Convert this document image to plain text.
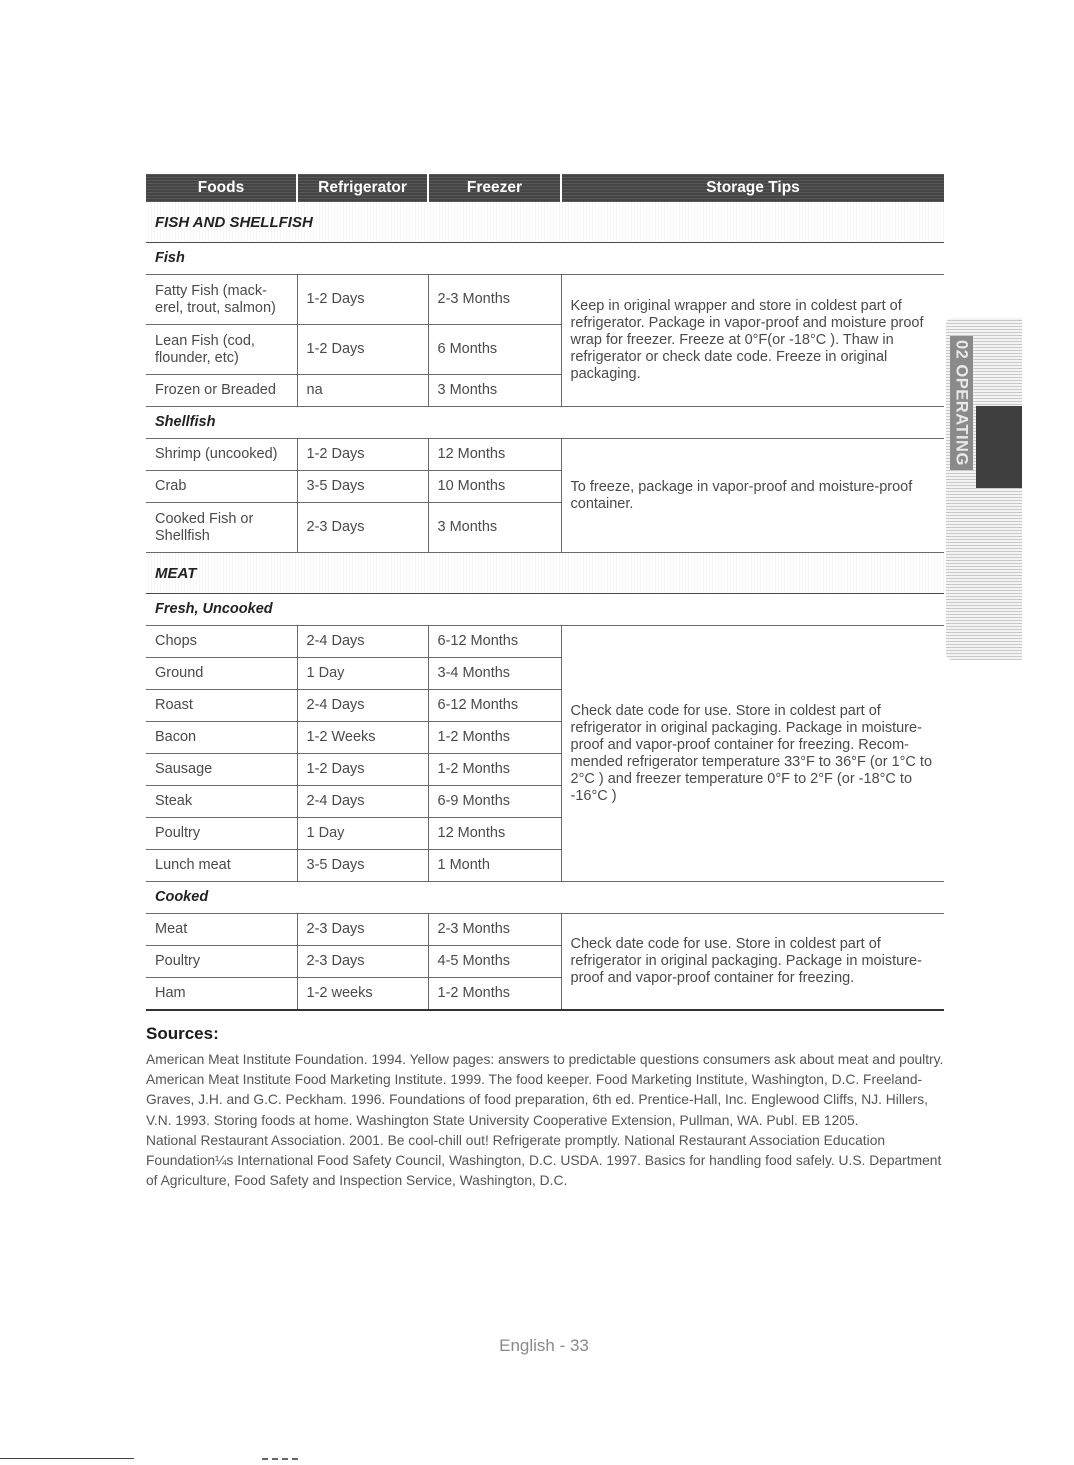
Foods	Refrigerator	Freezer	Storage Tips
FISH AND SHELLFISH			
Fish			
Fatty Fish (mack-
erel, trout, salmon)	1-2 Days	2-3 Months	Keep in original wrapper and store in coldest part of refrigerator. Package in vapor-proof and moisture proof wrap for freezer. Freeze at 0°F(or -18°C ). Thaw in refrigerator or check date code. Freeze in original packaging.
Lean Fish (cod,
flounder, etc)	1-2 Days	6 Months	
Frozen or Breaded	na	3 Months	
Shellfish			
Shrimp (uncooked)	1-2 Days	12 Months	To freeze, package in vapor-proof and moisture-proof container.
Crab	3-5 Days	10 Months	
Cooked Fish or
Shellfish	2-3 Days	3 Months	
MEAT			
Fresh, Uncooked			
Chops	2-4 Days	6-12 Months	Check date code for use. Store in coldest part of refrigerator in original packaging. Package in moisture-proof and vapor-proof container for freezing. Recom-mended refrigerator temperature 33°F to 36°F (or 1°C to 2°C ) and freezer temperature 0°F to 2°F (or -18°C to -16°C )
Ground	1 Day	3-4 Months	
Roast	2-4 Days	6-12 Months	
Bacon	1-2 Weeks	1-2 Months	
Sausage	1-2 Days	1-2 Months	
Steak	2-4 Days	6-9 Months	
Poultry	1 Day	12 Months	
Lunch meat	3-5 Days	1 Month	
Cooked			
Meat	2-3 Days	2-3 Months	Check date code for use. Store in coldest part of refrigerator in original packaging. Package in moisture-proof and vapor-proof container for freezing.
Poultry	2-3 Days	4-5 Months	
Ham	1-2 weeks	1-2 Months	
Sources:

American Meat Institute Foundation. 1994. Yellow pages: answers to predictable questions consumers ask about meat and poultry. American Meat Institute Food Marketing Institute. 1999. The food keeper. Food Marketing Institute, Washington, D.C. Freeland-Graves, J.H. and G.C. Peckham. 1996. Foundations of food preparation, 6th ed. Prentice-Hall, Inc. Englewood Cliffs, NJ. Hillers, V.N. 1993. Storing foods at home. Washington State University Cooperative Extension, Pullman, WA. Publ. EB 1205.

National Restaurant Association. 2001. Be cool-chill out! Refrigerate promptly. National Restaurant Association Education Foundation¼s International Food Safety Council, Washington, D.C. USDA. 1997. Basics for handling food safely. U.S. Department of Agriculture, Food Safety and Inspection Service, Washington, D.C.

02 OPERATING
English - 33
